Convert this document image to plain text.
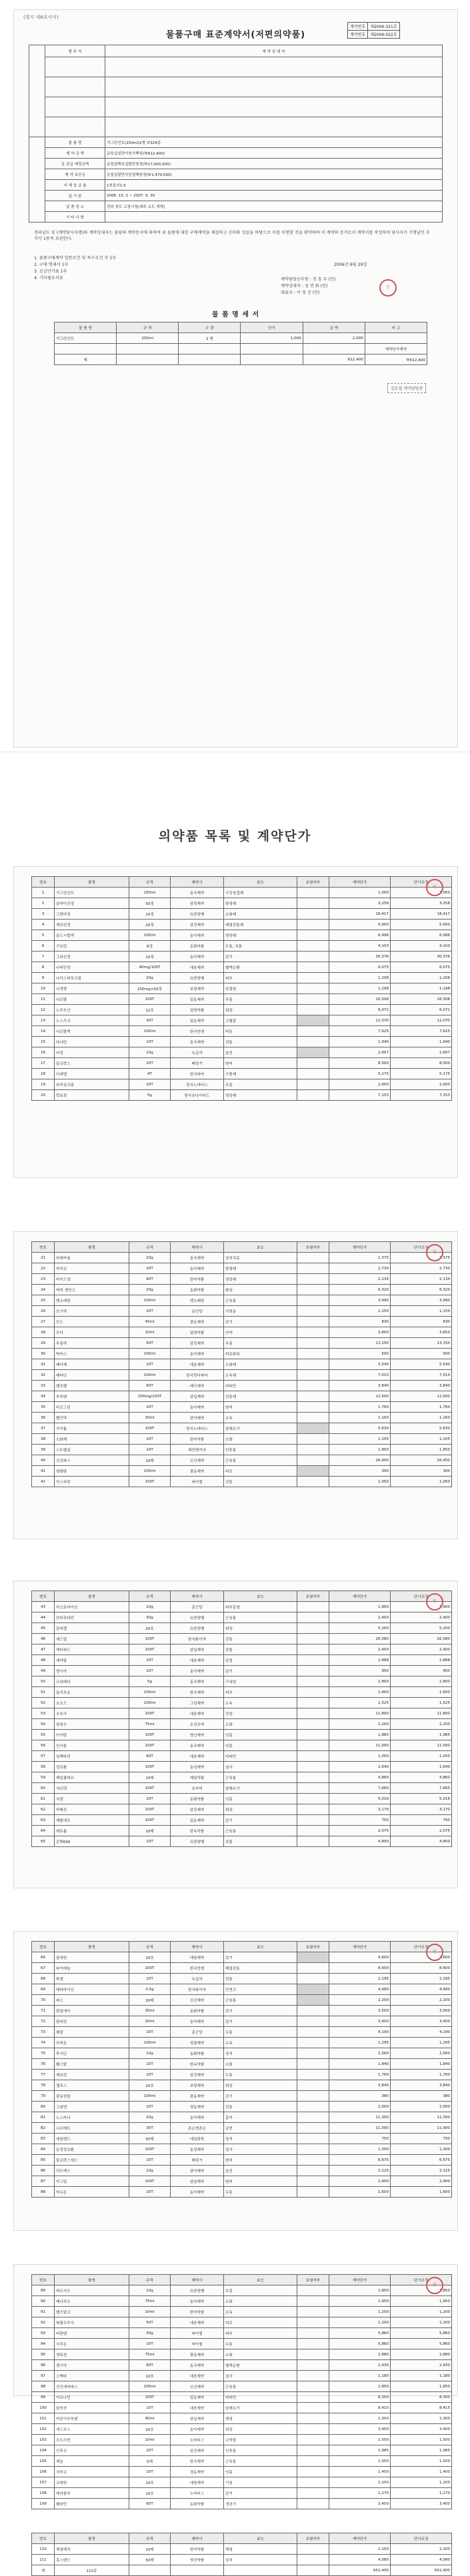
(별지 제6호서식)
물품구매 표준계약서(저편의약품)
계약번호	제2006-321호
계약번호	제2006-022호
	발 주 처	계 약 상 대 자

	물 품 명	거그린인트(250ml)1병 외329종
	계 약 금 액	금육십일만이천사백원(￦612,400)
	총 공급 예정금액	금천칠백육십팔만원정(￦17,000,000)
	계 약 보증금	금칠십팔만사천칠백원정(￦1,470,000)
	지 체 상 금 율	1천분의1.5
	납 기 한	2006. 10. 1 ~ 2007. 9. 30
	납 품 장 소	전라 북도 고창시청(제주 소도 게재)
	기 타 사 항	
전라남도 및 (계약당사자명)와 계약상대자는 물당의 계약문서에 의하여 위 물품에 대한 구매계약을 체결하고 신의와 성실을 바탕으로 이를 이행할 것을 확약하며 이 계약의 증거로서 계약서를 작성하여 당사자가 기명날인 후 각각 1통씩 보관한다.
1. 물품구매계약 일반조건 및 특수조건 각 1부
2. 구매 명세서 1부
3. 공급단가표 1부
4. 기타필요서류
2006년 9월 29일
계약담당공무원 : 전 흥 무 (인)
계약상대자 : 성 빈 화 (인)
대표자 : 이 영 진 (인)
인
물 품 명 세 서
물 품 명	규 격	수 량	단가	금 액	비 고
거그린인트	250ml	2 병	1,000	2,000	
					계약단가계약
계				612,400	￦612,400
검토필 계약담당관
의약품 목록 및 계약단가
번호	품명	규격	제약사	효능	보험여부	계약단가	단가조정
1	거그린인트	250ml	동국제약	구강청결제		1,000	1,000
2	골마이신정	50정	삼성제약	항생제		3,258	3,258
3	그랑비정	10정	유한양행	소화제		18,417	18,417
4	게보린정	20정	삼진제약	해열진통제		5,600	5,600
5	골드시럽액	100ml	동아제약	영양제		6,996	6,996
6	구보린	8정	동화약품	두통, 치통		4,103	4,103
7	그라신정	10정	동아제약	감기		30,376	30,376
8	나비민정	40mg/100T	대웅제약	혈액순환		6,075	6,075
9	나이스피부크림	20g	유한양행	피부		1,208	1,208
10	나정향	250mg×50정	보령제약	관절염		1,198	1,198
11	니조랄	100T	일동제약	무좀		16,508	16,508
12	노루모산	12포	일양약품	위장		6,072	6,072
13	노스즈크	30T	일동제약	고혈압		12,070	12,070
14	니조랄액	100ml	한국얀센	비듬		7,625	7,625
15	다나민	10T	동국제약	진통		1,940	1,940
16	다정	10g	녹십자	습진		2,607	2,607
17	둘코락스	20T	베링거	변비		8,500	8,500
18	디세텔	4T	한국파마	구충제		5,175	5,175
19	라미실크림	20T	한국노바티스	무좀		2,600	2,600
20	락토핏	5g	한국유나이티드	정장제		7,153	7,153
인
번호	품명	규격	제약사	효능	보험여부	계약단가	단가조정
21	마데카솔	10g	동국제약	상처치료		1,375	1,375
22	마이신	20T	동아제약	항생제		2,730	2,730
23	마이드정	60T	한미약품	정장제		2,134	2,134
24	머미 생연고	20g	동화약품	화상		6,320	6,320
25	멘소래담	100ml	멘소래담	근육통		3,990	3,990
26	모기약	20T	동인당	가려움		1,150	1,150
27	모드	45ml	광동제약	감기		830	830
28	모터	10ml	일양약품	안약		3,850	3,850
29	무좀약	50T	삼진제약	무좀		13,150	13,150
30	박카스	100ml	동아제약	피로회복		500	500
31	베아제	10T	대웅제약	소화제		5,540	5,540
32	베타딘	100ml	한국먼디파마	소독제		7,010	7,010
33	벤포벨	60T	태극제약	비타민		3,840	3,840
34	부루펜	200mg/100T	삼일제약	진통제		12,500	12,500
35	비코그린	20T	동아제약	변비		1,760	1,760
36	빨간약	30ml	삼아제약	소독		1,160	1,160
37	사이톱	100T	한국노바티스	알레르기		5,630	5,630
38	소화제	10T	한미약품	소화		1,105	1,105
39	스트렙실	24T	레킷벤키저	인후통		1,850	1,850
40	신신파스	10매	신신제약	근육통		26,450	26,450
41	쌍화탕	100ml	광동제약	피로		300	300
42	아스피린	100T	바이엘	진통		1,050	1,050
인
번호	품명	규격	제약사	효능	보험여부	계약단가	단가조정
43	아크로마이신	10g	종근당	피부감염		1,900	1,900
44	안티푸라민	30g	유한양행	근육통		2,400	2,400
45	알마겔	20포	유한양행	위장		5,200	5,200
46	애드빌	100T	한국화이자	진통		26,580	26,580
47	액티피드	100T	삼일제약	콧물		2,400	2,400
48	에어탈	20T	대웅제약	관절		2,888	2,888
49	엔시아	10T	동아제약	감기		950	950
50	오라메디	5g	동국제약	구내염		2,800	2,800
51	올리브유	100ml	한국제약	피부		1,600	1,600
52	요오드	100ml	그린제약	소독		1,525	1,525
53	우루사	100T	대웅제약	간장		11,800	11,800
54	위청수	75ml	조선무약	소화		2,200	2,200
55	이가탄	100T	명인제약	잇몸		1,985	1,985
56	인사돌	100T	동국제약	잇몸		11,000	11,000
57	임팩타민	60T	대웅제약	비타민		1,050	1,050
58	정로환	100T	동성제약	설사		1,640	1,640
59	제일쿨파프	10매	제일약품	근육통		4,860	4,860
60	지르텍	100T	유씨비	알레르기		7,665	7,665
61	치센	20T	동화약품	잇몸		5,016	5,016
62	카베진	100T	삼진제약	위장		3,170	3,170
63	캐롤에프	100T	일동제약	감기		750	750
64	케토톱	10매	한독약품	근육통		2,075	2,075
65	콘택600	10T	유한양행	콧물		4,800	4,800
인
번호	품명	규격	제약사	효능	보험여부	계약단가	단가조정
66	콜대원	10포	대원제약	감기		3,600	3,600
67	타이레놀	100T	한국얀센	해열진통		8,600	8,600
68	탁센	10T	녹십자	진통		2,195	2,195
69	테라마이신	3.5g	한국화이자	안연고		4,480	4,480
70	파스	20매	신신제약	근육통		2,200	2,200
71	판콜에이	30ml	동화약품	감기		3,500	3,500
72	판피린	20ml	동아제약	감기		3,400	3,400
73	펜잘	10T	종근당	두통		4,190	4,190
74	포비돈	100ml	성광제약	소독		1,295	1,295
75	후시딘	10g	동화약품	상처		2,560	2,560
76	훼스탈	10T	한독약품	소화		1,840	1,840
77	게보린	10T	삼진제약	두통		1,760	1,760
78	겔포스	20포	보령제약	위장		3,840	3,840
79	광동원탕	100ml	광동제약	감기		380	380
80	그날엔	10T	경동제약	진통		2,000	2,000
81	노스카나	20g	동아제약	흉터		11,350	11,350
82	니코레트	30T	존슨앤존슨	금연		11,000	11,000
83	대일밴드	50매	대일화학	상처		750	750
84	동성정로환	100T	동성제약	설사		1,300	1,300
85	둘코락스에스	10T	베링거	변비		6,675	6,675
86	리도맥스	10g	삼아제약	습진		2,125	2,125
87	마그밀	100T	삼남제약	변비		2,900	2,900
88	미니온	20T	동아제약	두통		1,600	1,600
인
번호	품명	규격	제약사	효능	보험여부	계약단가	단가조정
89	바르지오	10g	유한양행	무좀		1,850	1,850
90	베나치오	75ml	동아제약	소화		1,950	1,950
91	벤즈알코	10ml	한미약품	소독		1,200	1,200
92	복합우루사	50T	대웅제약	피로		1,100	1,100
93	비판텐	30g	바이엘	피부		5,860	5,860
94	사리돈	10T	바이엘	두통		5,860	5,860
95	생록천	75ml	광동제약	소화		2,880	2,880
96	센시아	60T	동국제약	혈액순환		2,930	2,930
97	스멕타	10포	대웅제약	설사		1,180	1,180
98	신신에어파스	200ml	신신제약	근육통		1,850	1,850
99	아로나민	100T	일동제약	비타민		8,300	8,300
100	알러샷	10T	대웅제약	알레르기		8,415	8,415
101	어린이부루펜	90ml	삼일제약	해열		2,300	2,300
102	에스포스	20포	동아제약	위장		3,400	3,400
103	오트리빈	10ml	노바티스	코막힘		1,500	1,500
104	인후신	20T	삼진제약	인후통		1,985	1,985
105	제놀	5매	한국제약	근육통		1,500	1,500
106	지미코	10T	경동제약	잇몸		1,400	1,400
107	코대원	10포	대원제약	기침		1,100	1,100
108	테라플루	10포	노바티스	감기		1,270	1,270
109	훼라민	60T	동화약품	갱년기		3,400	3,400
번호	품명	규격	제약사	효능	보험여부	계약단가	단가조정
110	해열패치	10매	한미약품	해열		2,100	2,100
111	혹스밴드	50매	영진약품	상처		4,080	4,080
계	110종					652,400	652,400
인
